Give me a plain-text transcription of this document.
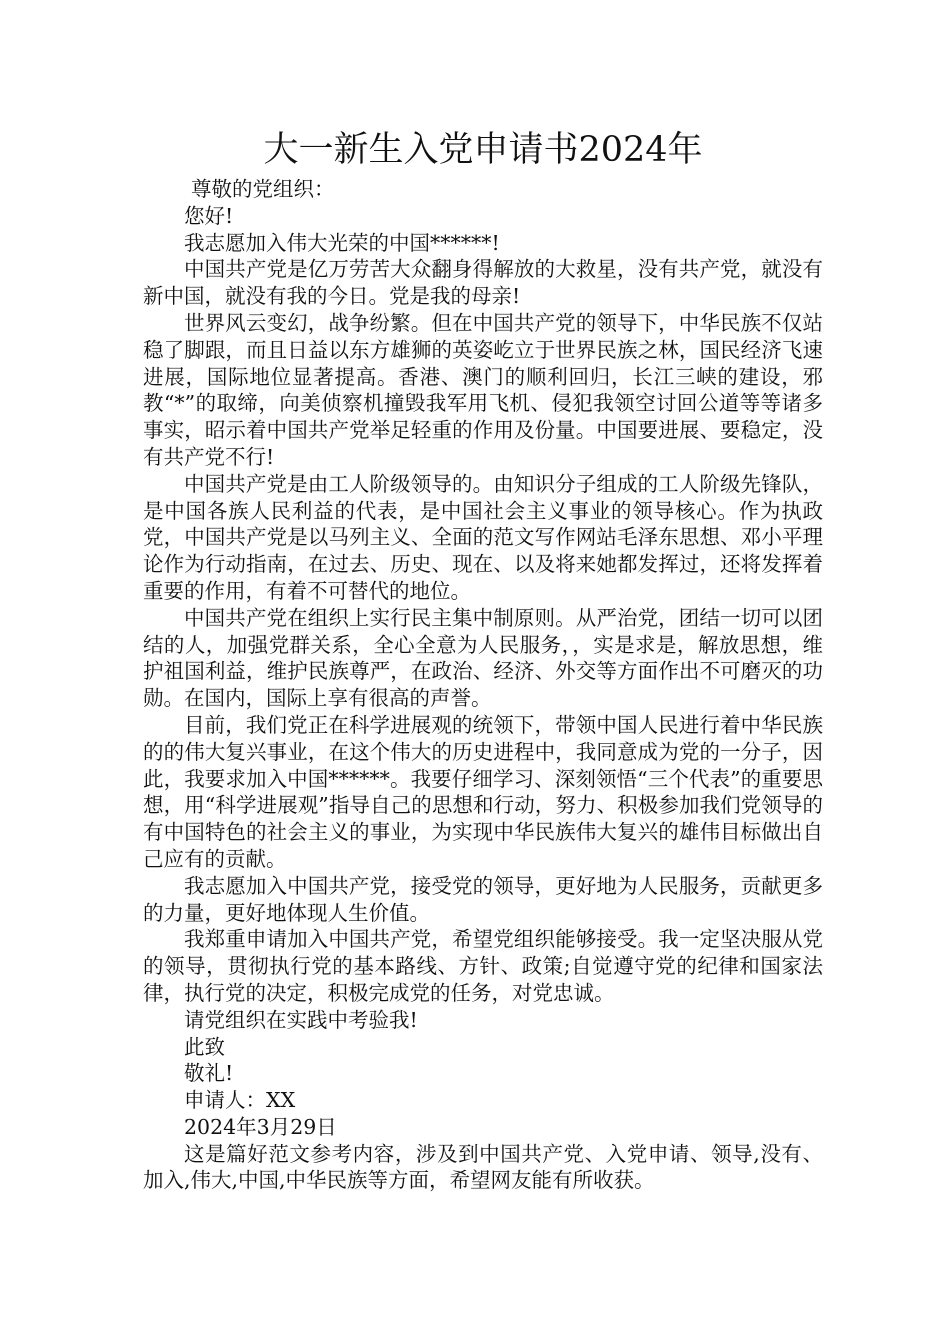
大一新生入党申请书2024年

尊敬的党组织：

您好!

我志愿加入伟大光荣的中国******!

中国共产党是亿万劳苦大众翻身得解放的大救星，没有共产党，就没有新中国，就没有我的今日。党是我的母亲!

世界风云变幻，战争纷繁。但在中国共产党的领导下，中华民族不仅站稳了脚跟，而且日益以东方雄狮的英姿屹立于世界民族之林，国民经济飞速进展，国际地位显著提高。香港、澳门的顺利回归，长江三峡的建设，邪教“*”的取缔，向美侦察机撞毁我军用飞机、侵犯我领空讨回公道等等诸多事实，昭示着中国共产党举足轻重的作用及份量。中国要进展、要稳定，没有共产党不行!

中国共产党是由工人阶级领导的。由知识分子组成的工人阶级先锋队，是中国各族人民利益的代表，是中国社会主义事业的领导核心。作为执政党，中国共产党是以马列主义、全面的范文写作网站毛泽东思想、邓小平理论作为行动指南，在过去、历史、现在、以及将来她都发挥过，还将发挥着重要的作用，有着不可替代的地位。

中国共产党在组织上实行民主集中制原则。从严治党，团结一切可以团结的人，加强党群关系，全心全意为人民服务，，实是求是，解放思想，维护祖国利益，维护民族尊严，在政治、经济、外交等方面作出不可磨灭的功勋。在国内，国际上享有很高的声誉。

目前，我们党正在科学进展观的统领下，带领中国人民进行着中华民族的的伟大复兴事业，在这个伟大的历史进程中，我同意成为党的一分子，因此，我要求加入中国******。我要仔细学习、深刻领悟“三个代表”的重要思想，用“科学进展观”指导自己的思想和行动，努力、积极参加我们党领导的有中国特色的社会主义的事业，为实现中华民族伟大复兴的雄伟目标做出自己应有的贡献。

我志愿加入中国共产党，接受党的领导，更好地为人民服务，贡献更多的力量，更好地体现人生价值。

我郑重申请加入中国共产党，希望党组织能够接受。我一定坚决服从党的领导，贯彻执行党的基本路线、方针、政策;自觉遵守党的纪律和国家法律，执行党的决定，积极完成党的任务，对党忠诚。

请党组织在实践中考验我!

此致

敬礼!

申请人：XX

2024年3月29日

这是篇好范文参考内容，涉及到中国共产党、入党申请、领导,没有、加入,伟大,中国,中华民族等方面，希望网友能有所收获。
